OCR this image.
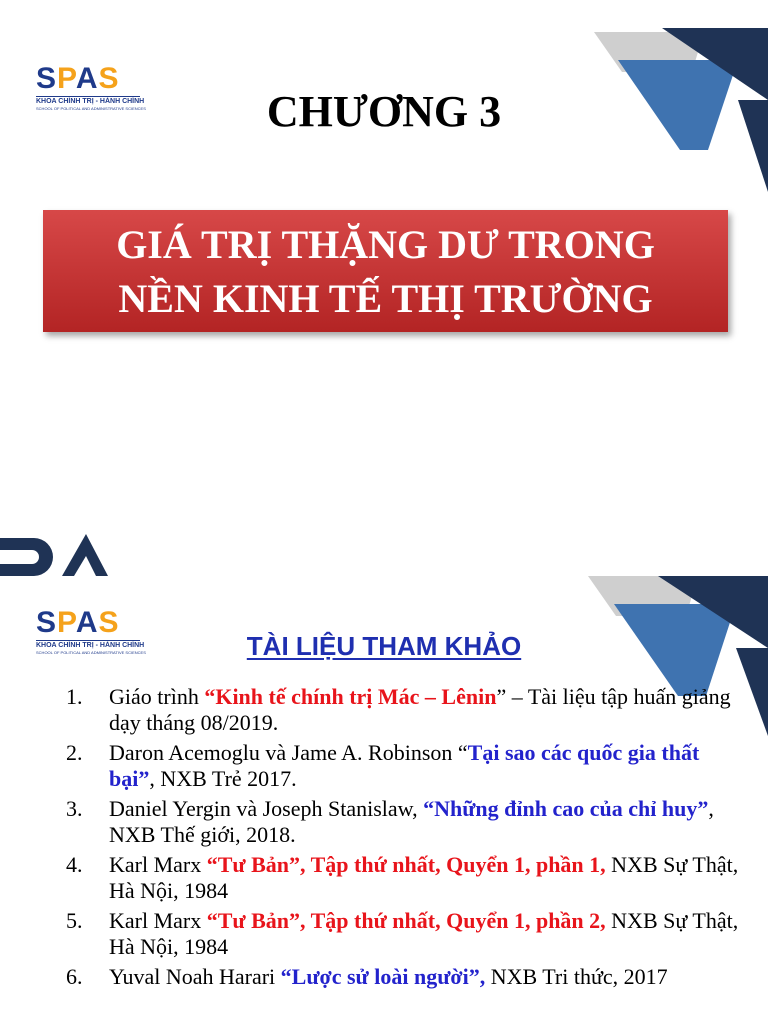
SPAS
KHOA CHÍNH TRỊ - HÀNH CHÍNH
SCHOOL OF POLITICAL AND ADMINISTRATIVE SCIENCES	CHƯƠNG 3
GIÁ TRỊ THẶNG DƯ TRONG
NỀN KINH TẾ THỊ TRƯỜNG
SPAS
KHOA CHÍNH TRỊ - HÀNH CHÍNH
SCHOOL OF POLITICAL AND ADMINISTRATIVE SCIENCES	TÀI LIỆU THAM KHẢO
1. Giáo trình “Kinh tế chính trị Mác – Lênin” – Tài liệu tập huấn giảng dạy tháng 08/2019.
2. Daron Acemoglu và Jame A. Robinson “Tại sao các quốc gia thất bại”, NXB Trẻ 2017.
3. Daniel Yergin và Joseph Stanislaw, “Những đỉnh cao của chỉ huy”, NXB Thế giới, 2018.
4. Karl Marx “Tư Bản”, Tập thứ nhất, Quyển 1, phần 1, NXB Sự Thật, Hà Nội, 1984
5. Karl Marx “Tư Bản”, Tập thứ nhất, Quyển 1, phần 2, NXB Sự Thật, Hà Nội, 1984
6. Yuval Noah Harari “Lược sử loài người”, NXB Tri thức, 2017
